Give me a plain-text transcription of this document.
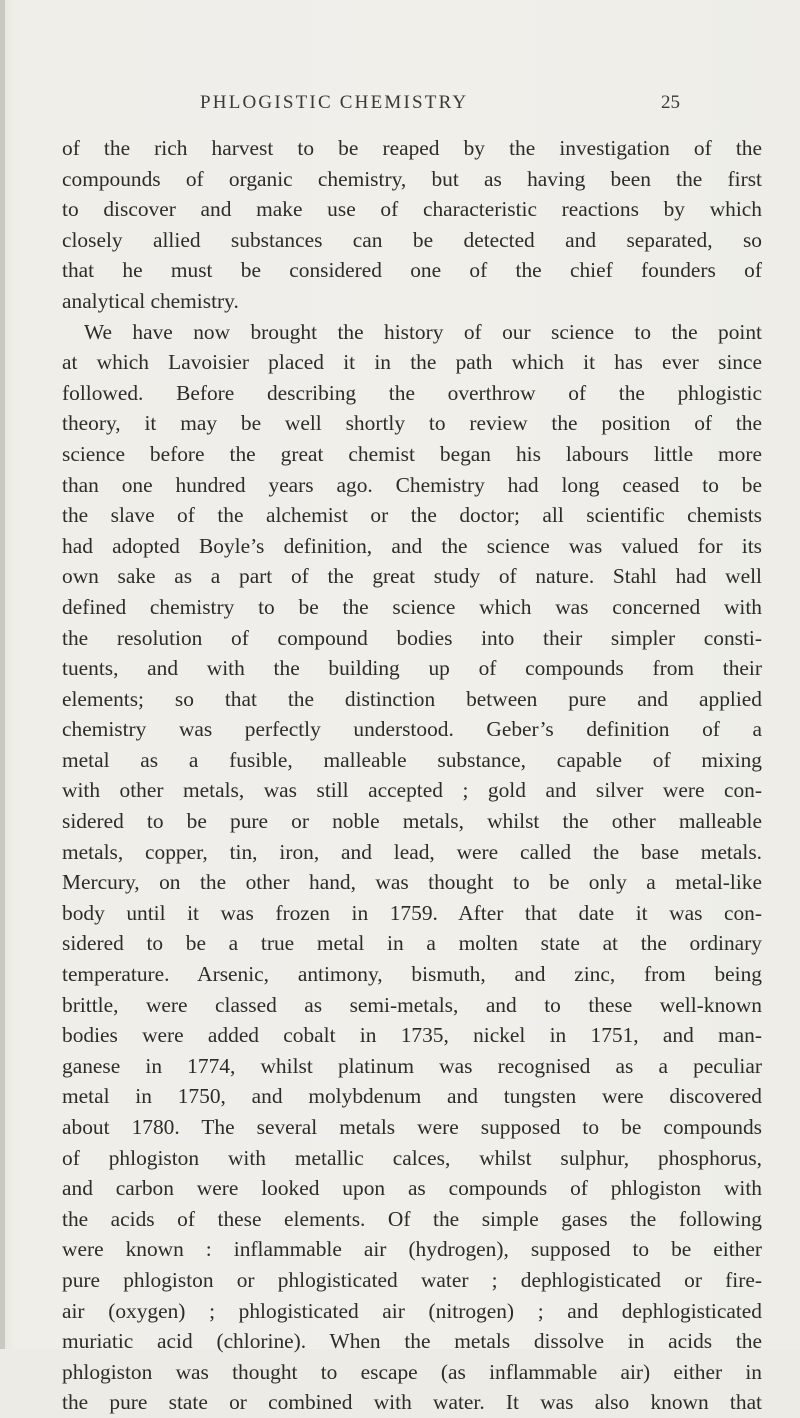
PHLOGISTIC CHEMISTRY	25
of the rich harvest to be reaped by the investigation of the
compounds of organic chemistry, but as having been the first
to discover and make use of characteristic reactions by which
closely allied substances can be detected and separated, so
that he must be considered one of the chief founders of
analytical chemistry.
We have now brought the history of our science to the point
at which Lavoisier placed it in the path which it has ever since
followed. Before describing the overthrow of the phlogistic
theory, it may be well shortly to review the position of the
science before the great chemist began his labours little more
than one hundred years ago. Chemistry had long ceased to be
the slave of the alchemist or the doctor; all scientific chemists
had adopted Boyle’s definition, and the science was valued for its
own sake as a part of the great study of nature. Stahl had well
defined chemistry to be the science which was concerned with
the resolution of compound bodies into their simpler consti-
tuents, and with the building up of compounds from their
elements; so that the distinction between pure and applied
chemistry was perfectly understood. Geber’s definition of a
metal as a fusible, malleable substance, capable of mixing
with other metals, was still accepted ; gold and silver were con-
sidered to be pure or noble metals, whilst the other malleable
metals, copper, tin, iron, and lead, were called the base metals.
Mercury, on the other hand, was thought to be only a metal-like
body until it was frozen in 1759. After that date it was con-
sidered to be a true metal in a molten state at the ordinary
temperature. Arsenic, antimony, bismuth, and zinc, from being
brittle, were classed as semi-metals, and to these well-known
bodies were added cobalt in 1735, nickel in 1751, and man-
ganese in 1774, whilst platinum was recognised as a peculiar
metal in 1750, and molybdenum and tungsten were discovered
about 1780. The several metals were supposed to be compounds
of phlogiston with metallic calces, whilst sulphur, phosphorus,
and carbon were looked upon as compounds of phlogiston with
the acids of these elements. Of the simple gases the following
were known : inflammable air (hydrogen), supposed to be either
pure phlogiston or phlogisticated water ; dephlogisticated or fire-
air (oxygen) ; phlogisticated air (nitrogen) ; and dephlogisticated
muriatic acid (chlorine). When the metals dissolve in acids the
phlogiston was thought to escape (as inflammable air) either in
the pure state or combined with water. It was also known that
